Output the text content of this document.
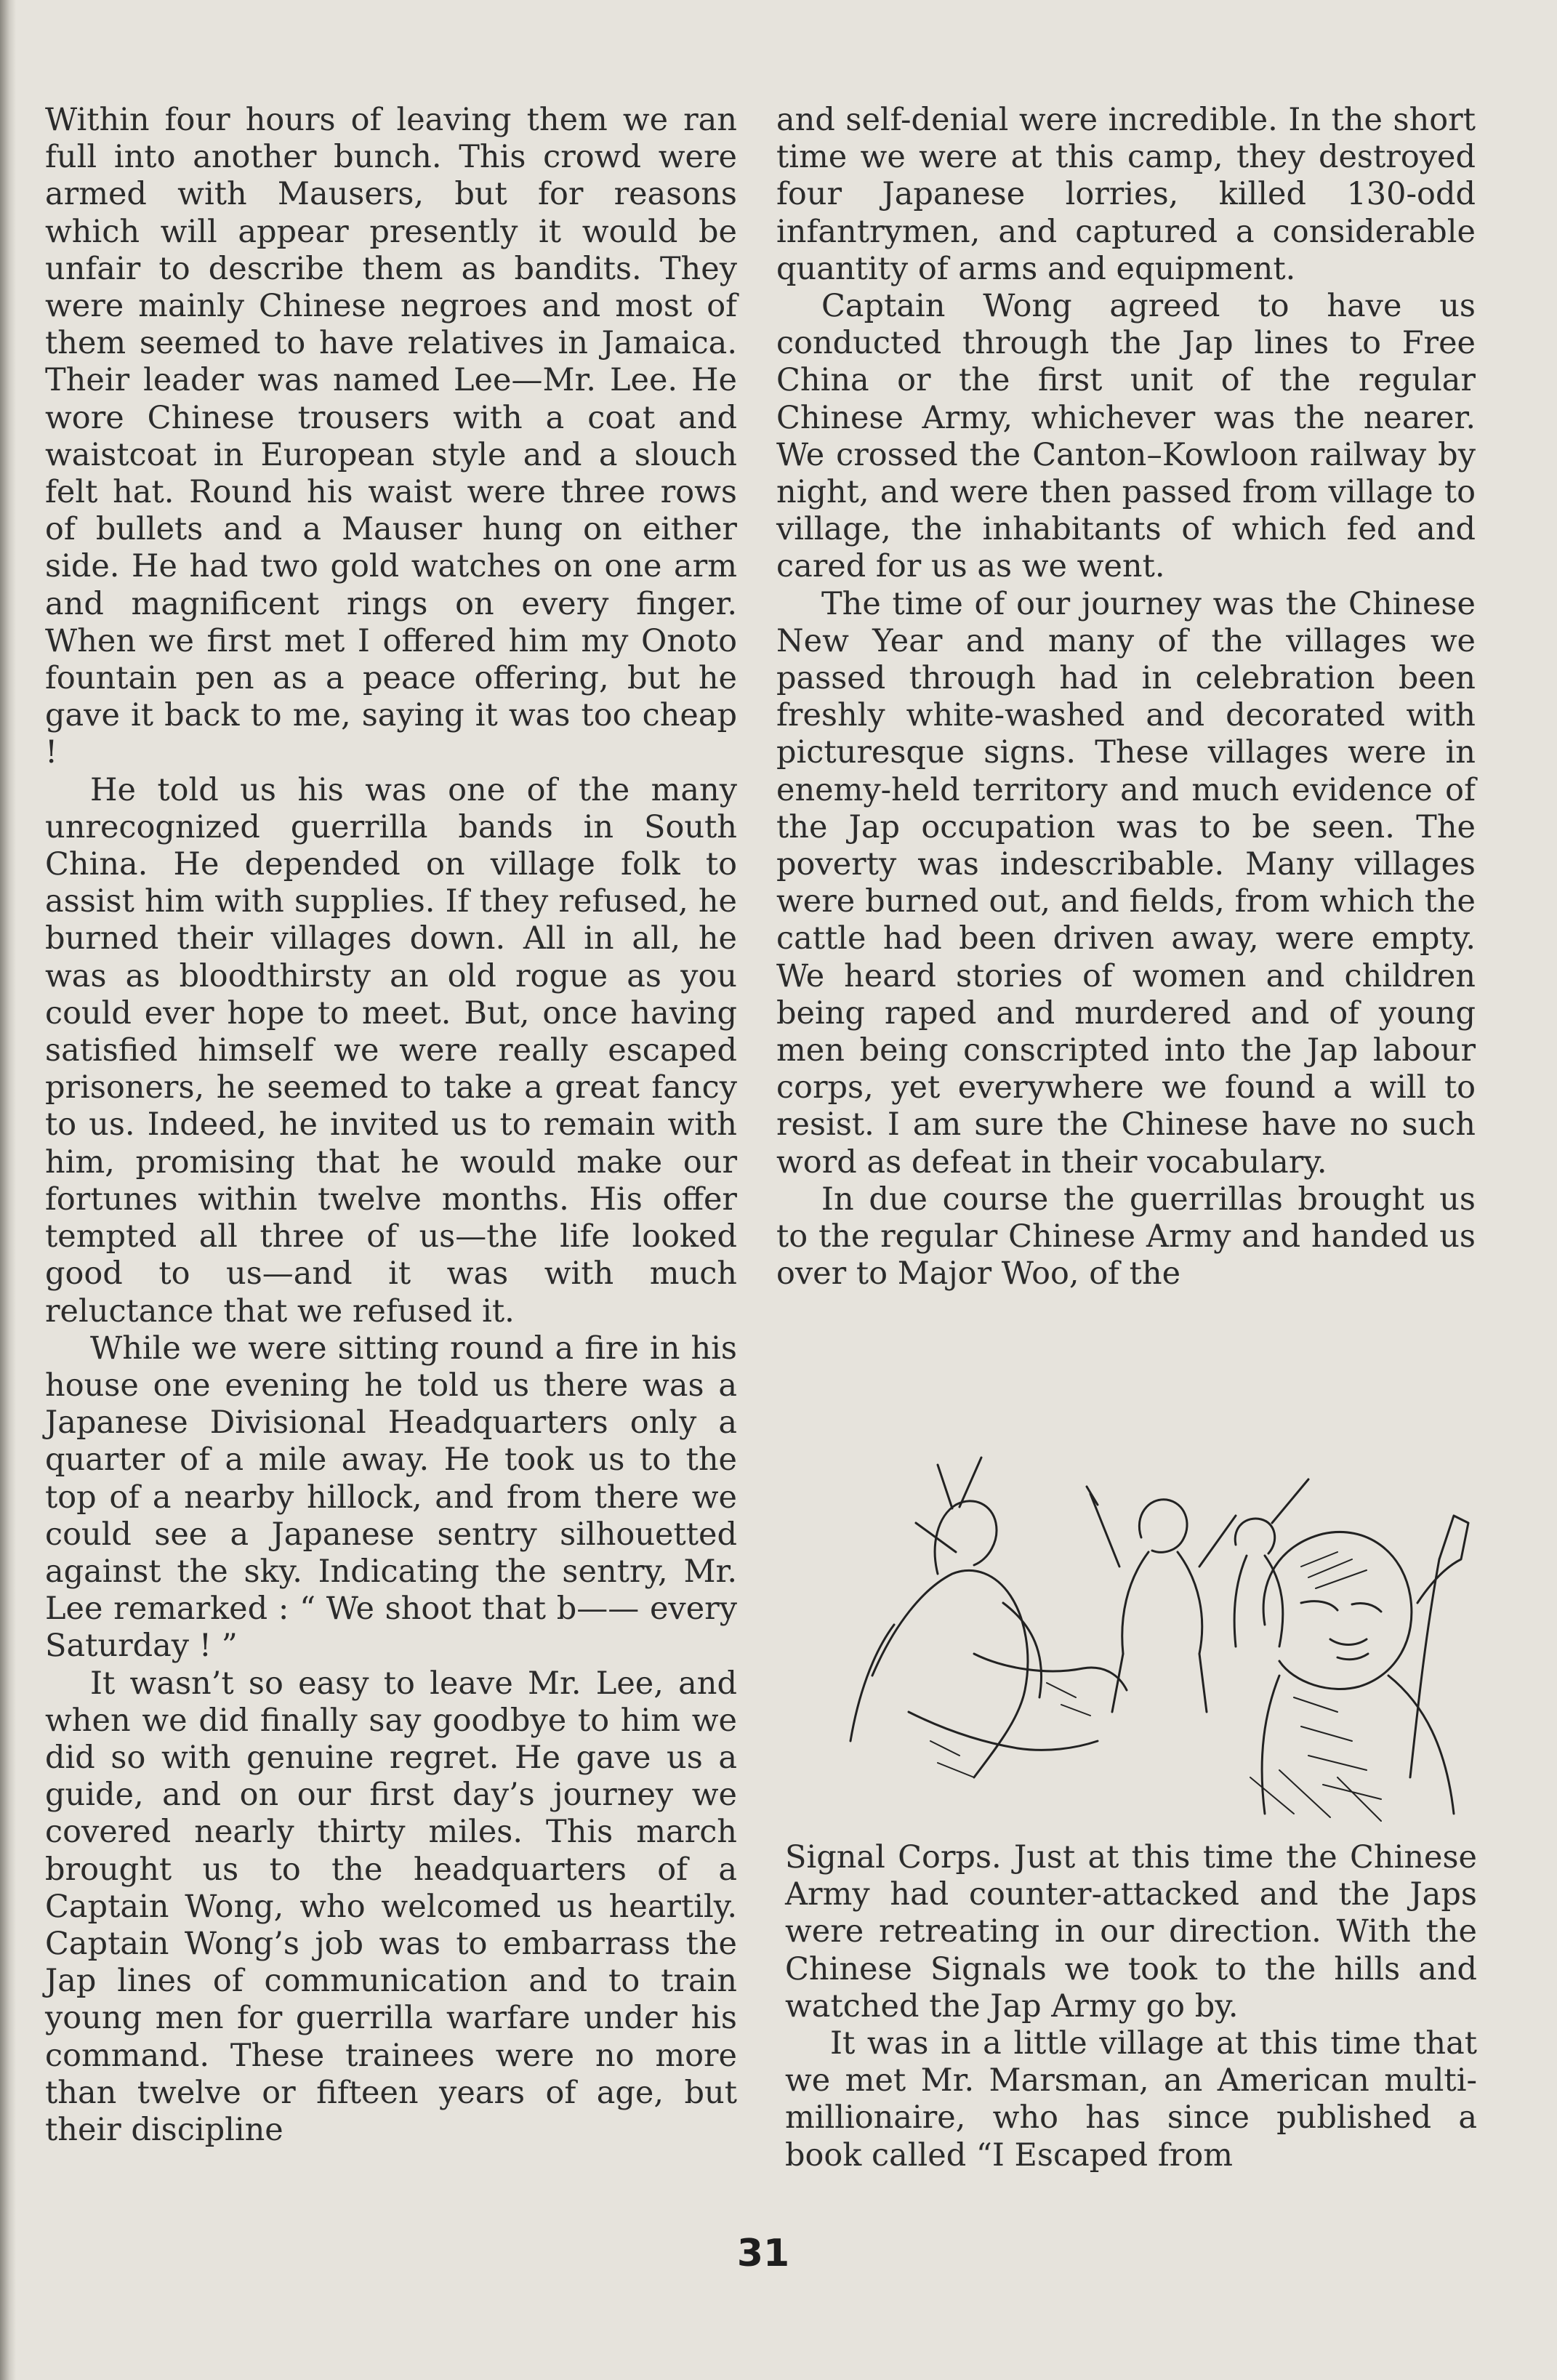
Within four hours of leaving them we ran full into another bunch. This crowd were armed with Mausers, but for reasons which will appear presently it would be unfair to describe them as bandits. They were mainly Chinese negroes and most of them seemed to have relatives in Jamaica. Their leader was named Lee—Mr. Lee. He wore Chinese trousers with a coat and waistcoat in European style and a slouch felt hat. Round his waist were three rows of bullets and a Mauser hung on either side. He had two gold watches on one arm and magnificent rings on every finger. When we first met I offered him my Onoto fountain pen as a peace offering, but he gave it back to me, saying it was too cheap !

He told us his was one of the many unrecognized guerrilla bands in South China. He depended on village folk to assist him with supplies. If they refused, he burned their villages down. All in all, he was as bloodthirsty an old rogue as you could ever hope to meet. But, once having satisfied himself we were really escaped prisoners, he seemed to take a great fancy to us. Indeed, he invited us to remain with him, promising that he would make our fortunes within twelve months. His offer tempted all three of us—the life looked good to us—and it was with much reluctance that we refused it.

While we were sitting round a fire in his house one evening he told us there was a Japanese Divisional Headquarters only a quarter of a mile away. He took us to the top of a nearby hillock, and from there we could see a Japanese sentry silhouetted against the sky. Indicating the sentry, Mr. Lee remarked : “ We shoot that b—— every Saturday ! ”

It wasn’t so easy to leave Mr. Lee, and when we did finally say goodbye to him we did so with genuine regret. He gave us a guide, and on our first day’s journey we covered nearly thirty miles. This march brought us to the headquarters of a Captain Wong, who welcomed us heartily. Captain Wong’s job was to embarrass the Jap lines of communication and to train young men for guerrilla warfare under his command. These trainees were no more than twelve or fifteen years of age, but their discipline

and self-denial were incredible. In the short time we were at this camp, they destroyed four Japanese lorries, killed 130-odd infantrymen, and captured a considerable quantity of arms and equipment.

Captain Wong agreed to have us conducted through the Jap lines to Free China or the first unit of the regular Chinese Army, whichever was the nearer. We crossed the Canton–Kowloon railway by night, and were then passed from village to village, the inhabitants of which fed and cared for us as we went.

The time of our journey was the Chinese New Year and many of the villages we passed through had in celebration been freshly white-washed and decorated with picturesque signs. These villages were in enemy-held territory and much evidence of the Jap occupation was to be seen. The poverty was indescribable. Many villages were burned out, and fields, from which the cattle had been driven away, were empty. We heard stories of women and children being raped and murdered and of young men being conscripted into the Jap labour corps, yet everywhere we found a will to resist. I am sure the Chinese have no such word as defeat in their vocabulary.

In due course the guerrillas brought us to the regular Chinese Army and handed us over to Major Woo, of the

Signal Corps. Just at this time the Chinese Army had counter-attacked and the Japs were retreating in our direction. With the Chinese Signals we took to the hills and watched the Jap Army go by.

It was in a little village at this time that we met Mr. Marsman, an American multi-millionaire, who has since published a book called “I Escaped from

31
